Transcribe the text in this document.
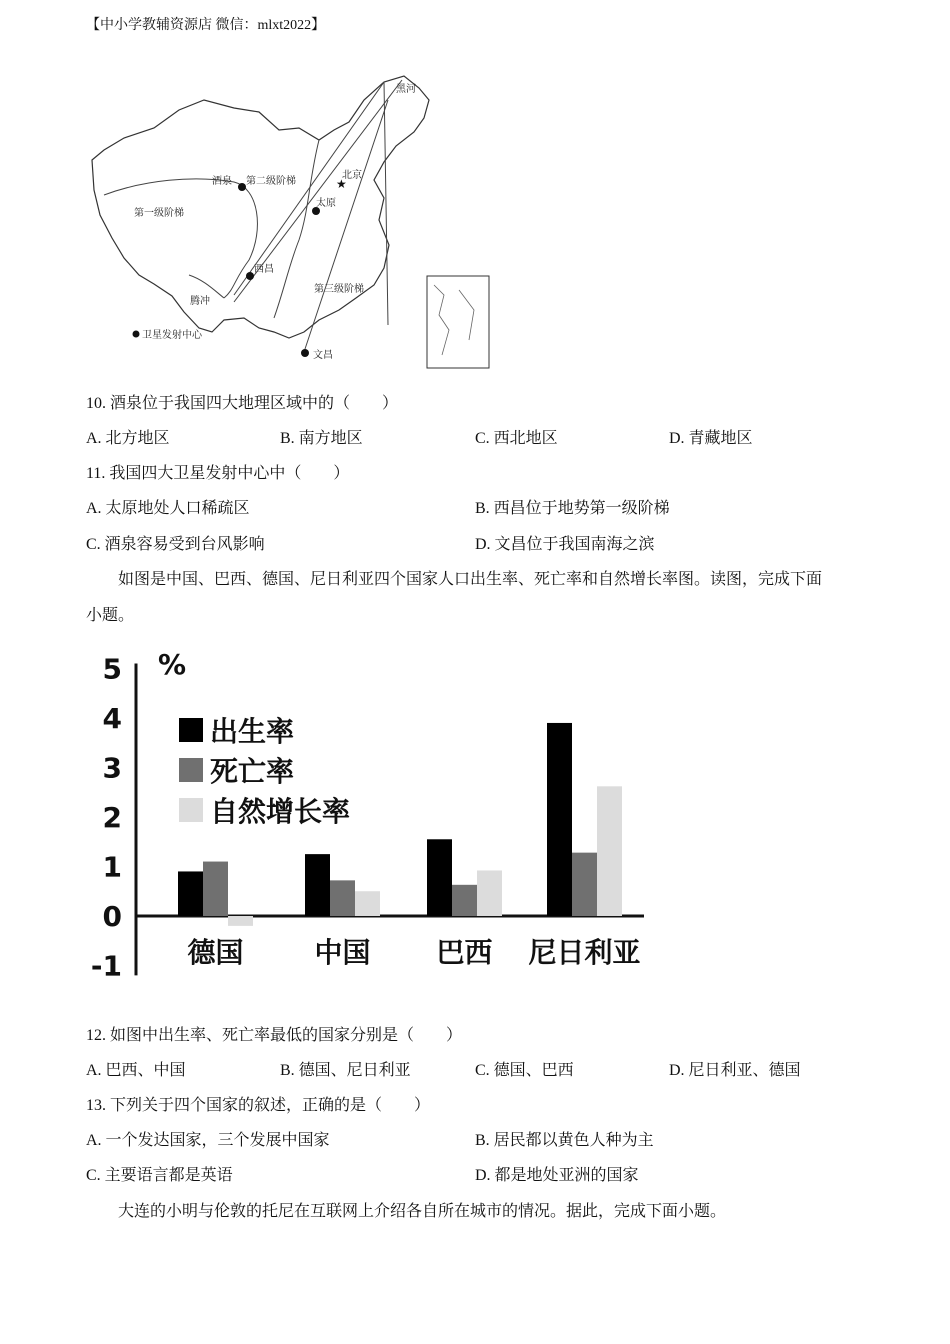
【中小学教辅资源店 微信：mlxt2022】
★
黑河
北京
酒泉 第二级阶梯
第一级阶梯
太原
西昌
腾冲
第三级阶梯
卫星发射中心
文昌
10. 酒泉位于我国四大地理区域中的（　　）
A. 北方地区	B. 南方地区	C. 西北地区	D. 青藏地区
11. 我国四大卫星发射中心中（　　）
A. 太原地处人口稀疏区	B. 西昌位于地势第一级阶梯
C. 酒泉容易受到台风影响	D. 文昌位于我国南海之滨
如图是中国、巴西、德国、尼日利亚四个国家人口出生率、死亡率和自然增长率图。读图，完成下面
小题。
5
4
3
2
1
0
-1
%
德国	中国 巴西 尼日利亚
出生率
死亡率
自然增长率
12. 如图中出生率、死亡率最低的国家分别是（　　）
A. 巴西、中国	B. 德国、尼日利亚	C. 德国、巴西	D. 尼日利亚、德国
13. 下列关于四个国家的叙述，正确的是（　　）
A. 一个发达国家，三个发展中国家	B. 居民都以黄色人种为主
C. 主要语言都是英语	D. 都是地处亚洲的国家
大连的小明与伦敦的托尼在互联网上介绍各自所在城市的情况。据此，完成下面小题。
